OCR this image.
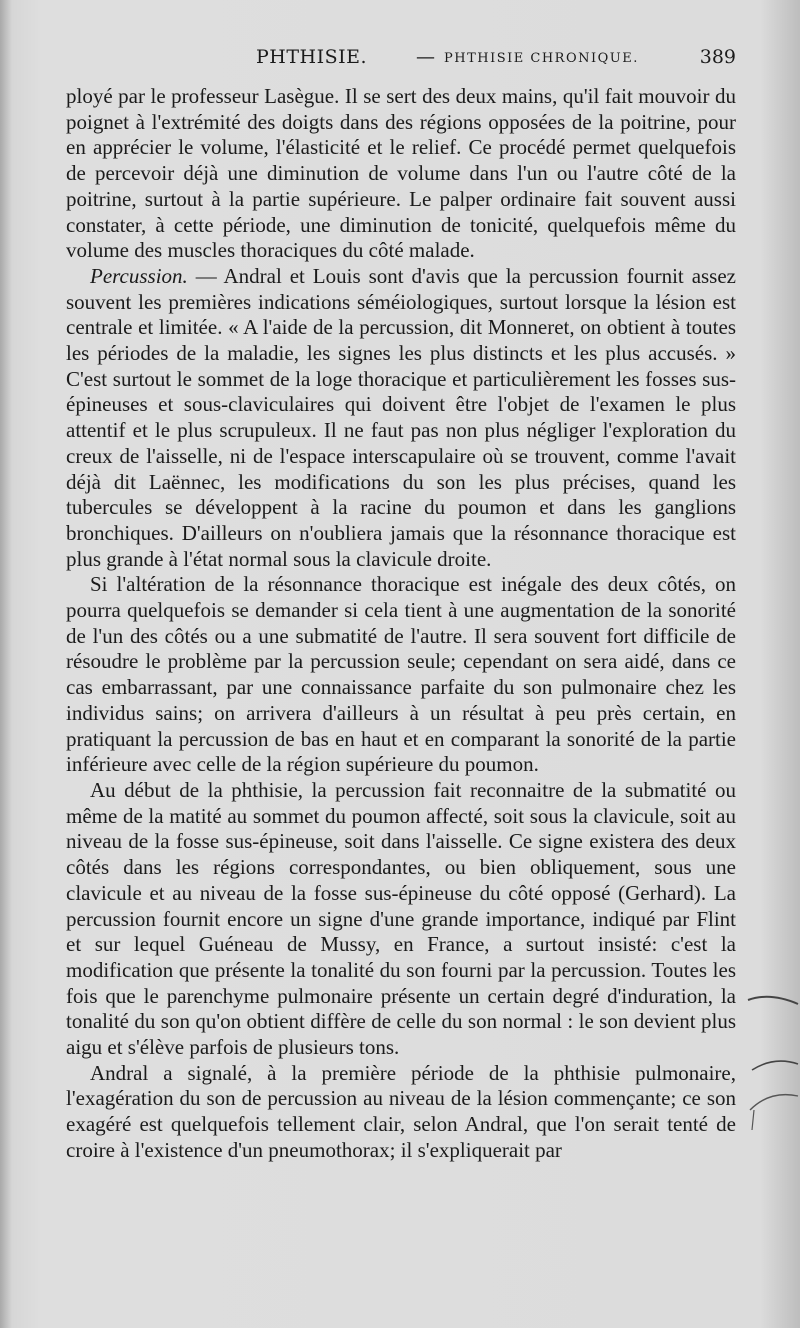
PHTHISIE.	— PHTHISIE CHRONIQUE.	389

ployé par le professeur Lasègue. Il se sert des deux mains, qu'il fait mouvoir du poignet à l'extrémité des doigts dans des régions opposées de la poitrine, pour en apprécier le volume, l'élasticité et le relief. Ce procédé permet quelquefois de percevoir déjà une diminution de volume dans l'un ou l'autre côté de la poitrine, surtout à la partie supérieure. Le palper ordinaire fait souvent aussi constater, à cette période, une diminution de tonicité, quelquefois même du volume des muscles thoraciques du côté malade.

Percussion. — Andral et Louis sont d'avis que la percussion fournit assez souvent les premières indications séméiologiques, surtout lorsque la lésion est centrale et limitée. « A l'aide de la percussion, dit Monneret, on obtient à toutes les périodes de la maladie, les signes les plus distincts et les plus accusés. » C'est surtout le sommet de la loge thoracique et particulièrement les fosses sus-épineuses et sous-claviculaires qui doivent être l'objet de l'examen le plus attentif et le plus scrupuleux. Il ne faut pas non plus négliger l'exploration du creux de l'aisselle, ni de l'espace interscapulaire où se trouvent, comme l'avait déjà dit Laënnec, les modifications du son les plus précises, quand les tubercules se développent à la racine du poumon et dans les ganglions bronchiques. D'ailleurs on n'oubliera jamais que la résonnance thoracique est plus grande à l'état normal sous la clavicule droite.

Si l'altération de la résonnance thoracique est inégale des deux côtés, on pourra quelquefois se demander si cela tient à une augmentation de la sonorité de l'un des côtés ou a une submatité de l'autre. Il sera souvent fort difficile de résoudre le problème par la percussion seule; cependant on sera aidé, dans ce cas embarrassant, par une connaissance parfaite du son pulmonaire chez les individus sains; on arrivera d'ailleurs à un résultat à peu près certain, en pratiquant la percussion de bas en haut et en comparant la sonorité de la partie inférieure avec celle de la région supérieure du poumon.

Au début de la phthisie, la percussion fait reconnaitre de la submatité ou même de la matité au sommet du poumon affecté, soit sous la clavicule, soit au niveau de la fosse sus-épineuse, soit dans l'aisselle. Ce signe existera des deux côtés dans les régions correspondantes, ou bien obliquement, sous une clavicule et au niveau de la fosse sus-épineuse du côté opposé (Gerhard). La percussion fournit encore un signe d'une grande importance, indiqué par Flint et sur lequel Guéneau de Mussy, en France, a surtout insisté: c'est la modification que présente la tonalité du son fourni par la percussion. Toutes les fois que le parenchyme pulmonaire présente un certain degré d'induration, la tonalité du son qu'on obtient diffère de celle du son normal : le son devient plus aigu et s'élève parfois de plusieurs tons.

Andral a signalé, à la première période de la phthisie pulmonaire, l'exagération du son de percussion au niveau de la lésion commençante; ce son exagéré est quelquefois tellement clair, selon Andral, que l'on serait tenté de croire à l'existence d'un pneumothorax; il s'expliquerait par
